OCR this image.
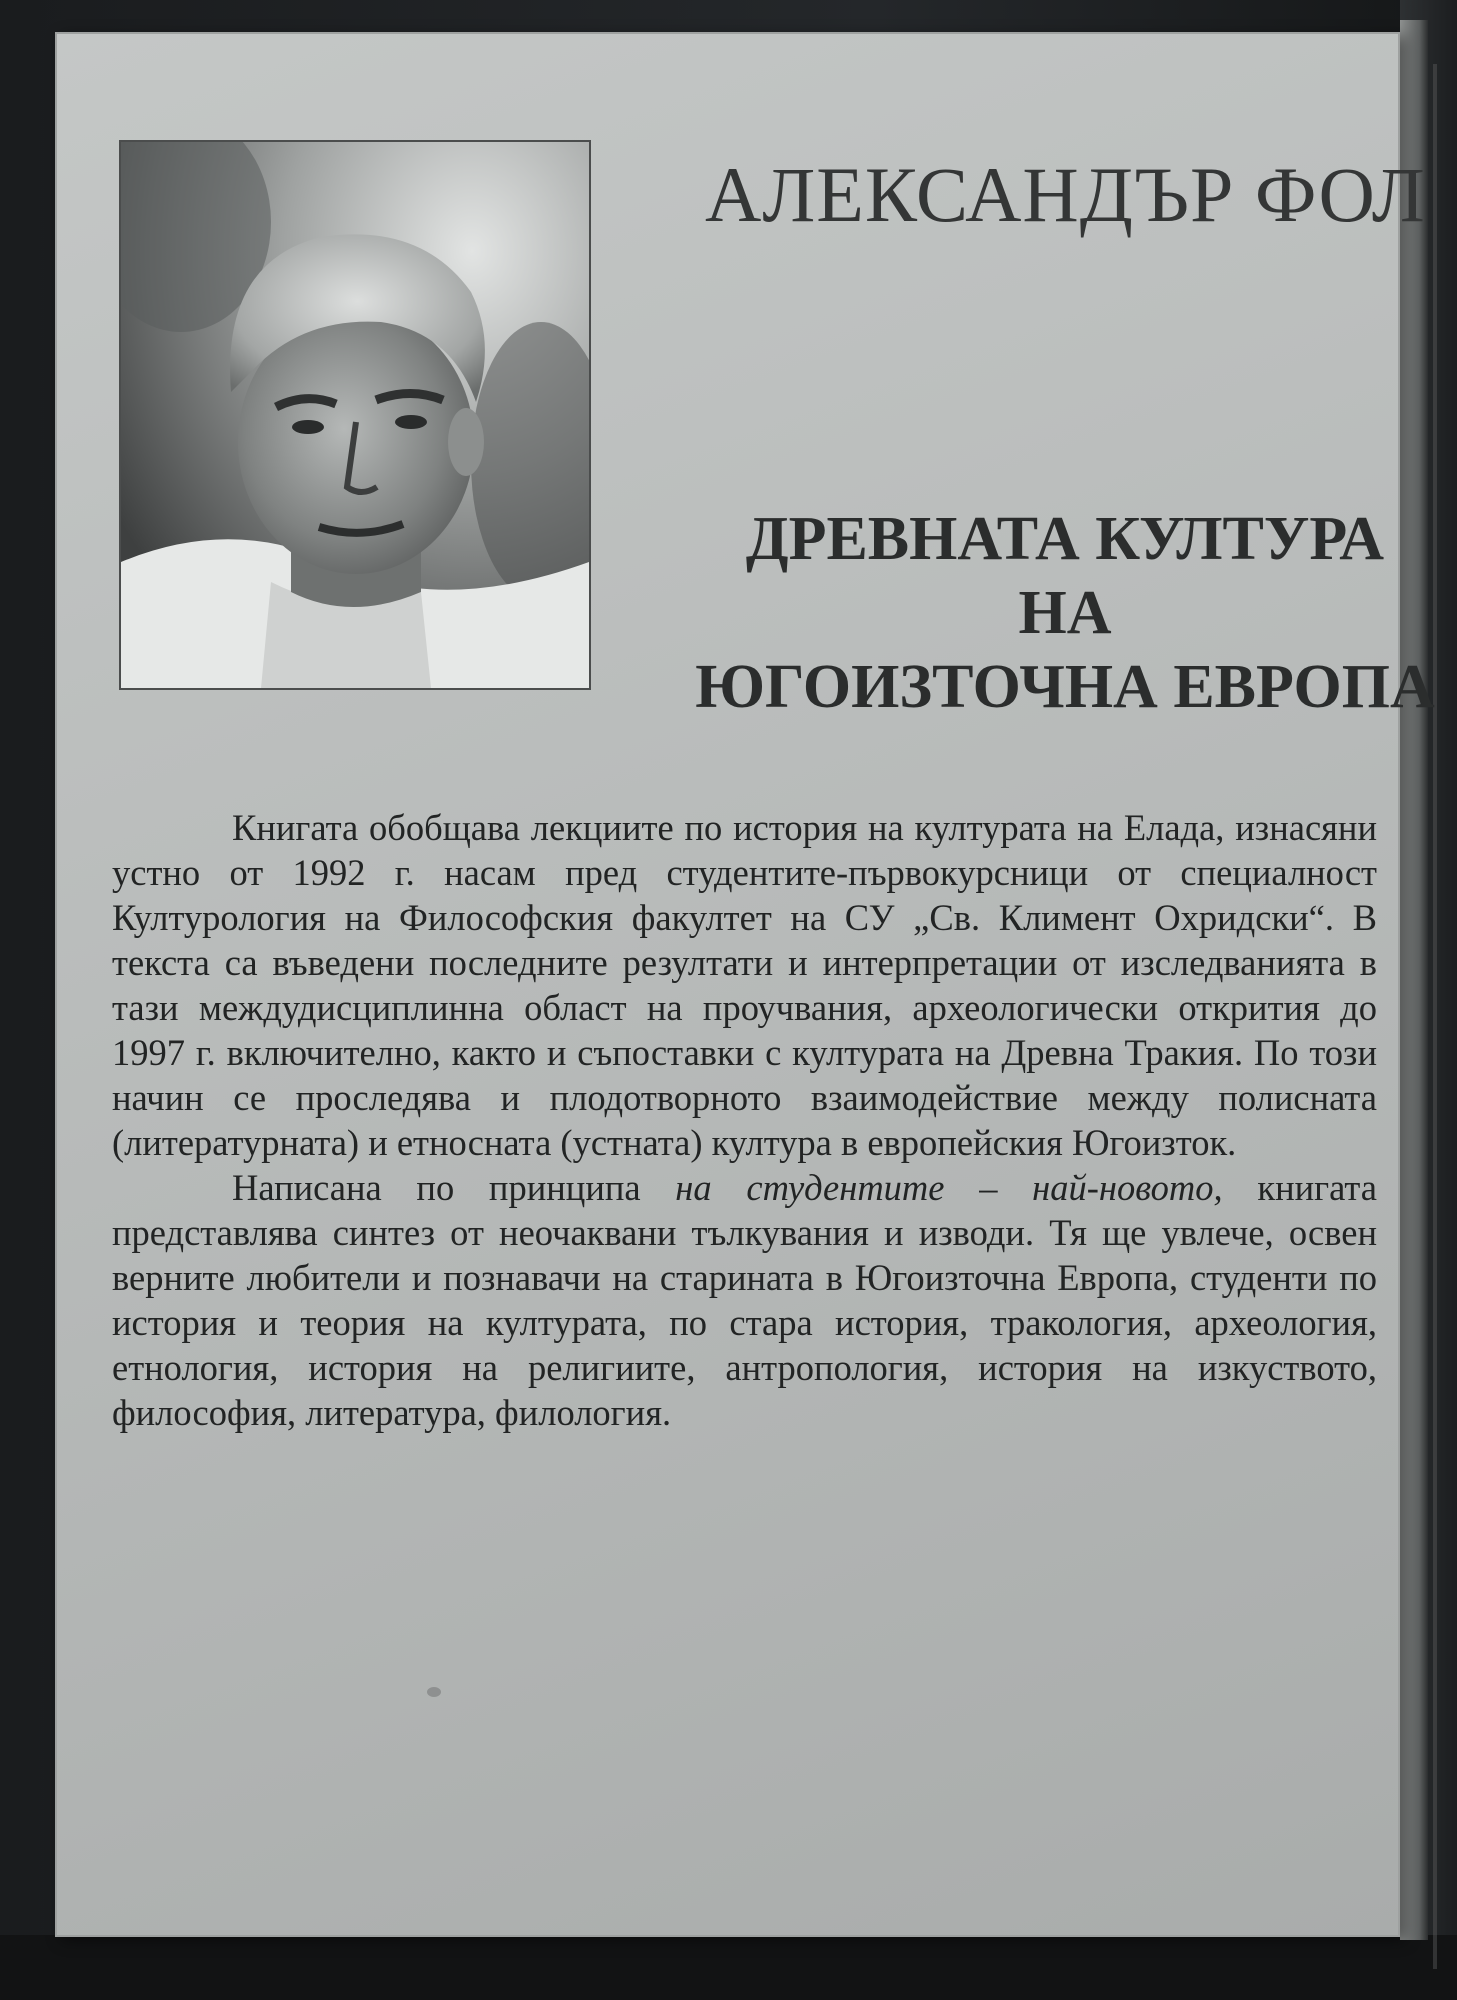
АЛЕКСАНДЪР ФОЛ
ДРЕВНАТА КУЛТУРА
НА
ЮГОИЗТОЧНА ЕВРОПА

Книгата обобщава лекциите по история на културата на Елада, изнасяни устно от 1992 г. насам пред студентите-първокурсници от специалност Културология на Философския факултет на СУ „Св. Климент Охридски“. В текста са въведени последните резултати и интерпретации от изследванията в тази междудисциплинна област на проучвания, археологически открития до 1997 г. включително, както и съпоставки с културата на Древна Тракия. По този начин се проследява и плодотворното взаимодействие между полисната (литературната) и етносната (устната) култура в европейския Югоизток.

Написана по принципа на студентите – най-новото, книгата представлява синтез от неочаквани тълкувания и изводи. Тя ще увлече, освен верните любители и познавачи на старината в Югоизточна Европа, студенти по история и теория на културата, по стара история, тракология, археология, етнология, история на религиите, антропология, история на изкуството, философия, литература, филология.
